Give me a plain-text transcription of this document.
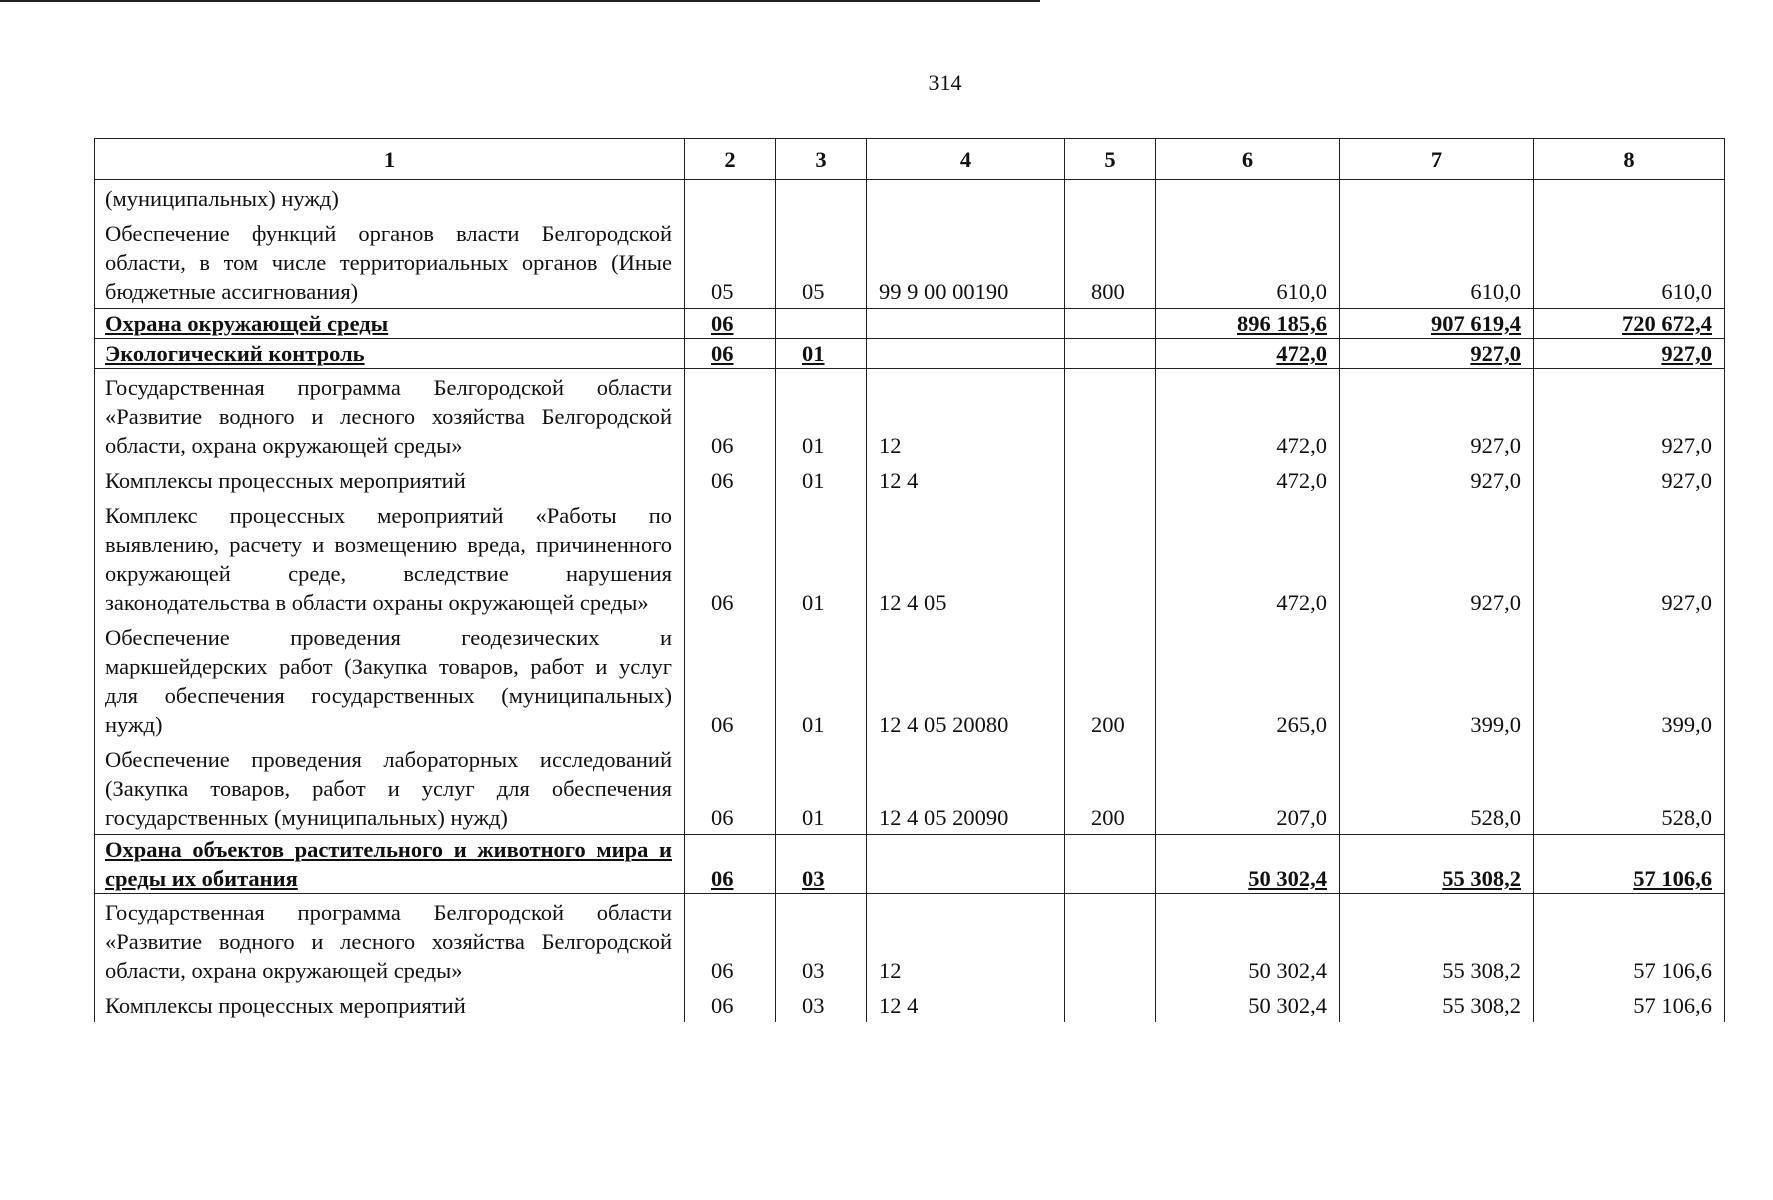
314
1	2	3	4	5	6	7	8
(муниципальных) нужд)							
Обеспечение функций органов власти Белгородской области, в том числе территориальных органов (Иные бюджетные ассигнования)	05	05	99 9 00 00190	800	610,0	610,0	610,0
Охрана окружающей среды	06				896 185,6	907 619,4	720 672,4
Экологический контроль	06	01			472,0	927,0	927,0
Государственная программа Белгородской области «Развитие водного и лесного хозяйства Белгородской области, охрана окружающей среды»	06	01	12		472,0	927,0	927,0
Комплексы процессных мероприятий	06	01	12 4		472,0	927,0	927,0
Комплекс процессных мероприятий «Работы по выявлению, расчету и возмещению вреда, причиненного окружающей среде, вследствие нарушения законодательства в области охраны окружающей среды»	06	01	12 4 05		472,0	927,0	927,0
Обеспечение проведения геодезических и маркшейдерских работ (Закупка товаров, работ и услуг для обеспечения государственных (муниципальных) нужд)	06	01	12 4 05 20080	200	265,0	399,0	399,0
Обеспечение проведения лабораторных исследований (Закупка товаров, работ и услуг для обеспечения государственных (муниципальных) нужд)	06	01	12 4 05 20090	200	207,0	528,0	528,0
Охрана объектов растительного и животного мира и среды их обитания	06	03			50 302,4	55 308,2	57 106,6
Государственная программа Белгородской области «Развитие водного и лесного хозяйства Белгородской области, охрана окружающей среды»	06	03	12		50 302,4	55 308,2	57 106,6
Комплексы процессных мероприятий	06	03	12 4		50 302,4	55 308,2	57 106,6
